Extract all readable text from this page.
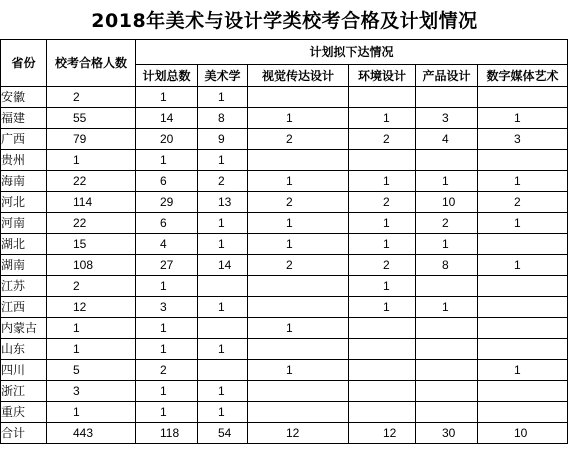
2018年美术与设计学类校考合格及计划情况
省份	校考合格人数	计划拟下达情况					
		计划总数	美术学	视觉传达设计	环境设计	产品设计	数字媒体艺术
安徽	2	1	1				
福建	55	14	8	1	1	3	1
广西	79	20	9	2	2	4	3
贵州	1	1	1				
海南	22	6	2	1	1	1	1
河北	114	29	13	2	2	10	2
河南	22	6	1	1	1	2	1
湖北	15	4	1	1	1	1	
湖南	108	27	14	2	2	8	1
江苏	2	1			1		
江西	12	3	1		1	1	
内蒙古	1	1		1			
山东	1	1	1				
四川	5	2		1			1
浙江	3	1	1				
重庆	1	1	1				
合计	443	118	54	12	12	30	10
